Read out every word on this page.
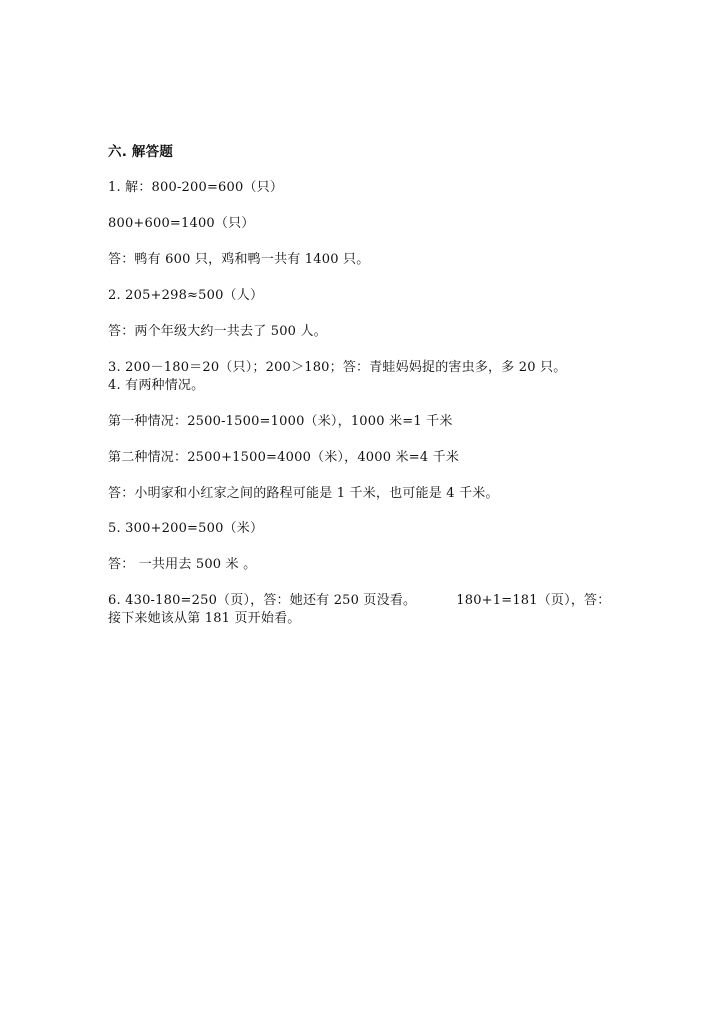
六. 解答题
1. 解：800-200=600（只）
800+600=1400（只）
答：鸭有 600 只，鸡和鸭一共有 1400 只。
2. 205+298≈500（人）
答：两个年级大约一共去了 500 人。
3. 200－180＝20（只）；200＞180；答：青蛙妈妈捉的害虫多，多 20 只。
4. 有两种情况。
第一种情况：2500-1500=1000（米），1000 米=1 千米
第二种情况：2500+1500=4000（米），4000 米=4 千米
答：小明家和小红家之间的路程可能是 1 千米，也可能是 4 千米。
5. 300+200=500（米）
答： 一共用去 500 米 。
6. 430-180=250（页），答：她还有 250 页没看。	180+1=181（页），答：
接下来她该从第 181 页开始看。
